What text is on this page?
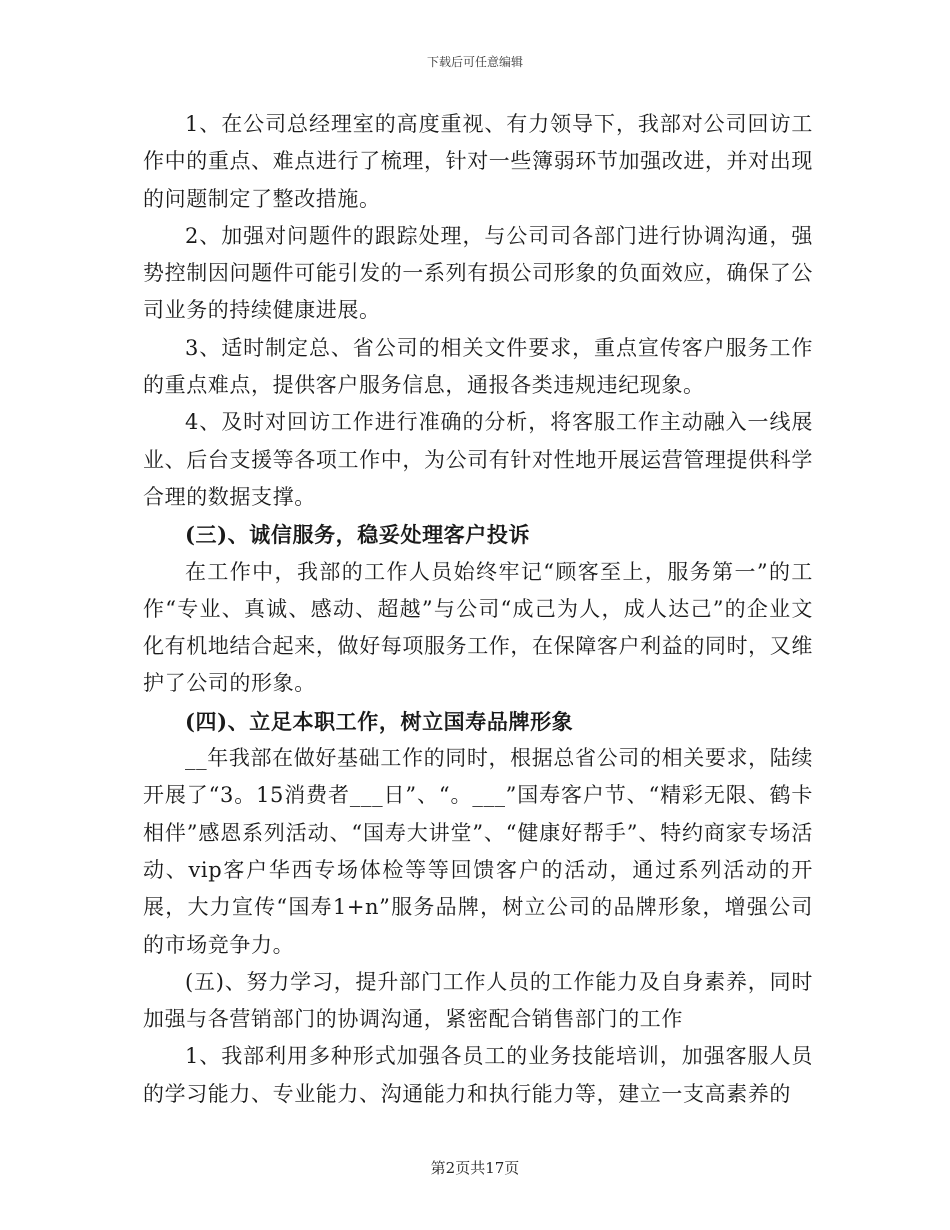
下载后可任意编辑

1、在公司总经理室的高度重视、有力领导下，我部对公司回访工作中的重点、难点进行了梳理，针对一些簿弱环节加强改进，并对出现的问题制定了整改措施。

2、加强对问题件的跟踪处理，与公司司各部门进行协调沟通，强势控制因问题件可能引发的一系列有损公司形象的负面效应，确保了公司业务的持续健康进展。

3、适时制定总、省公司的相关文件要求，重点宣传客户服务工作的重点难点，提供客户服务信息，通报各类违规违纪现象。

4、及时对回访工作进行准确的分析，将客服工作主动融入一线展业、后台支援等各项工作中，为公司有针对性地开展运营管理提供科学合理的数据支撑。

(三)、诚信服务，稳妥处理客户投诉

在工作中，我部的工作人员始终牢记“顾客至上，服务第一”的工作“专业、真诚、感动、超越”与公司“成己为人，成人达己”的企业文化有机地结合起来，做好每项服务工作，在保障客户利益的同时，又维护了公司的形象。

(四)、立足本职工作，树立国寿品牌形象

__年我部在做好基础工作的同时，根据总省公司的相关要求，陆续开展了“3。15消费者___日”、“。___”国寿客户节、“精彩无限、鹤卡相伴”感恩系列活动、“国寿大讲堂”、“健康好帮手”、特约商家专场活动、vip客户华西专场体检等等回馈客户的活动，通过系列活动的开展，大力宣传“国寿1+n”服务品牌，树立公司的品牌形象，增强公司的市场竞争力。

(五)、努力学习，提升部门工作人员的工作能力及自身素养，同时加强与各营销部门的协调沟通，紧密配合销售部门的工作

1、我部利用多种形式加强各员工的业务技能培训，加强客服人员的学习能力、专业能力、沟通能力和执行能力等，建立一支高素养的

第2页共17页
